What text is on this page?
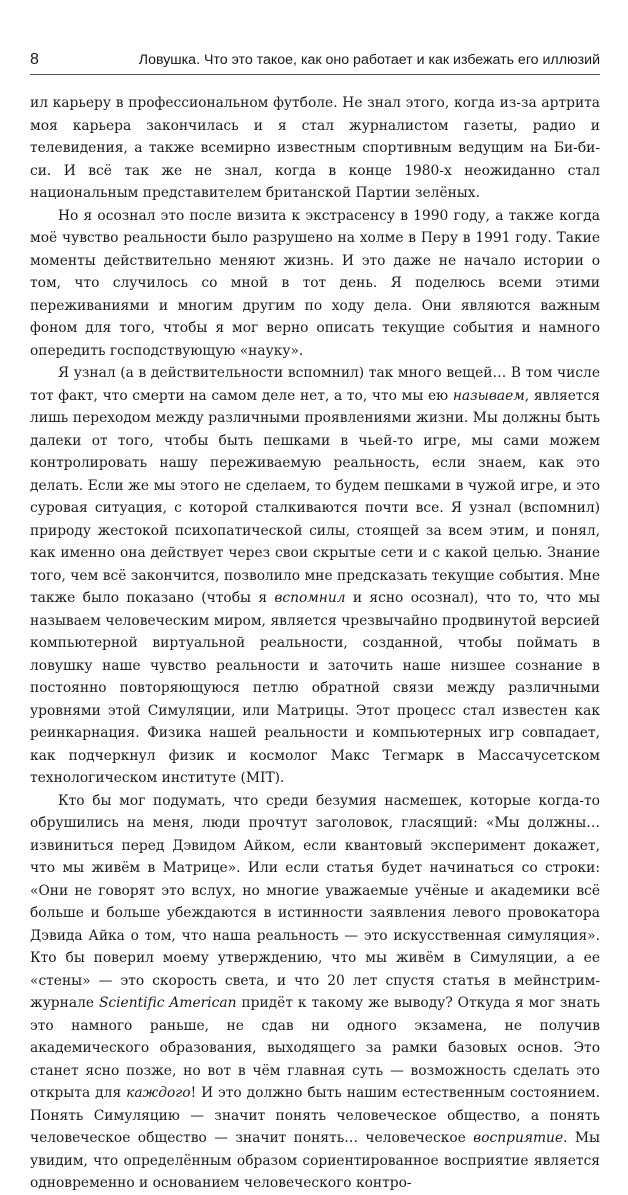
8	Ловушка. Что это такое, как оно работает и как избежать его иллюзий

ил карьеру в профессиональном футболе. Не знал этого, когда из-за артрита моя карьера закончилась и я стал журналистом газеты, радио и телевидения, а также всемирно известным спортивным ведущим на Би-би-си. И всё так же не знал, когда в конце 1980-х неожиданно стал национальным представителем британской Партии зелёных.

Но я осознал это после визита к экстрасенсу в 1990 году, а также когда моё чувство реальности было разрушено на холме в Перу в 1991 году. Такие моменты действительно меняют жизнь. И это даже не начало истории о том, что случилось со мной в тот день. Я поделюсь всеми этими переживаниями и многим другим по ходу дела. Они являются важным фоном для того, чтобы я мог верно описать текущие события и намного опередить господствующую «науку».

Я узнал (а в действительности вспомнил) так много вещей… В том числе тот факт, что смерти на самом деле нет, а то, что мы ею называем, является лишь переходом между различными проявлениями жизни. Мы должны быть далеки от того, чтобы быть пешками в чьей-то игре, мы сами можем контролировать нашу переживаемую реальность, если знаем, как это делать. Если же мы этого не сделаем, то будем пешками в чужой игре, и это суровая ситуация, с которой сталкиваются почти все. Я узнал (вспомнил) природу жестокой психопатической силы, стоящей за всем этим, и понял, как именно она действует через свои скрытые сети и с какой целью. Знание того, чем всё закончится, позволило мне предсказать текущие события. Мне также было показано (чтобы я вспомнил и ясно осознал), что то, что мы называем человеческим миром, является чрезвычайно продвинутой версией компьютерной виртуальной реальности, созданной, чтобы поймать в ловушку наше чувство реальности и заточить наше низшее сознание в постоянно повторяющуюся петлю обратной связи между различными уровнями этой Симуляции, или Матрицы. Этот процесс стал известен как реинкарнация. Физика нашей реальности и компьютерных игр совпадает, как подчеркнул физик и космолог Макс Тегмарк в Массачусетском технологическом институте (MIT).

Кто бы мог подумать, что среди безумия насмешек, которые когда-то обрушились на меня, люди прочтут заголовок, гласящий: «Мы должны… извиниться перед Дэвидом Айком, если квантовый эксперимент докажет, что мы живём в Матрице». Или если статья будет начинаться со строки: «Они не говорят это вслух, но многие уважаемые учёные и академики всё больше и больше убеждаются в истинности заявления левого провокатора Дэвида Айка о том, что наша реальность — это искусственная симуляция». Кто бы поверил моему утверждению, что мы живём в Симуляции, а ее «стены» — это скорость света, и что 20 лет спустя статья в мейнстрим-журнале Scientific American придёт к такому же выводу? Откуда я мог знать это намного раньше, не сдав ни одного экзамена, не получив академического образования, выходящего за рамки базовых основ. Это станет ясно позже, но вот в чём главная суть — возможность сделать это открыта для каждого! И это должно быть нашим естественным состоянием. Понять Симуляцию — значит понять человеческое общество, а понять человеческое общество — значит понять… человеческое восприятие. Мы увидим, что определённым образом сориентированное восприятие является одновременно и основанием человеческого контро-
